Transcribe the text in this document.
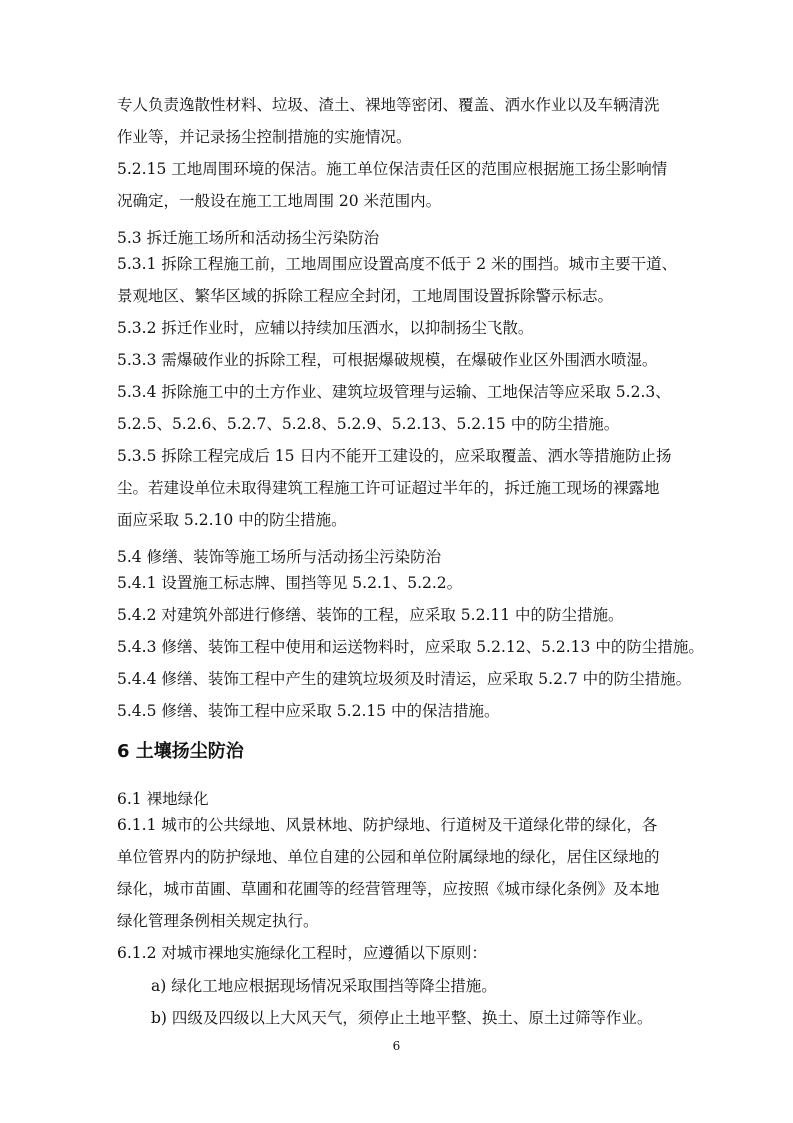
专人负责逸散性材料、垃圾、渣土、裸地等密闭、覆盖、洒水作业以及车辆清洗
作业等，并记录扬尘控制措施的实施情况。
5.2.15 工地周围环境的保洁。施工单位保洁责任区的范围应根据施工扬尘影响情
况确定，一般设在施工工地周围 20 米范围内。
5.3 拆迁施工场所和活动扬尘污染防治
5.3.1 拆除工程施工前，工地周围应设置高度不低于 2 米的围挡。城市主要干道、
景观地区、繁华区域的拆除工程应全封闭，工地周围设置拆除警示标志。
5.3.2 拆迁作业时，应辅以持续加压洒水，以抑制扬尘飞散。
5.3.3 需爆破作业的拆除工程，可根据爆破规模，在爆破作业区外围洒水喷湿。
5.3.4 拆除施工中的土方作业、建筑垃圾管理与运输、工地保洁等应采取 5.2.3、
5.2.5、5.2.6、5.2.7、5.2.8、5.2.9、5.2.13、5.2.15 中的防尘措施。
5.3.5 拆除工程完成后 15 日内不能开工建设的，应采取覆盖、洒水等措施防止扬
尘。若建设单位未取得建筑工程施工许可证超过半年的，拆迁施工现场的裸露地
面应采取 5.2.10 中的防尘措施。
5.4 修缮、装饰等施工场所与活动扬尘污染防治
5.4.1 设置施工标志牌、围挡等见 5.2.1、5.2.2。
5.4.2 对建筑外部进行修缮、装饰的工程，应采取 5.2.11 中的防尘措施。
5.4.3 修缮、装饰工程中使用和运送物料时，应采取 5.2.12、5.2.13 中的防尘措施。
5.4.4 修缮、装饰工程中产生的建筑垃圾须及时清运，应采取 5.2.7 中的防尘措施。
5.4.5 修缮、装饰工程中应采取 5.2.15 中的保洁措施。
6 土壤扬尘防治
6.1 裸地绿化
6.1.1 城市的公共绿地、风景林地、防护绿地、行道树及干道绿化带的绿化，各
单位管界内的防护绿地、单位自建的公园和单位附属绿地的绿化，居住区绿地的
绿化，城市苗圃、草圃和花圃等的经营管理等，应按照《城市绿化条例》及本地
绿化管理条例相关规定执行。
6.1.2 对城市裸地实施绿化工程时，应遵循以下原则：
a) 绿化工地应根据现场情况采取围挡等降尘措施。
b) 四级及四级以上大风天气，须停止土地平整、换土、原土过筛等作业。
6
